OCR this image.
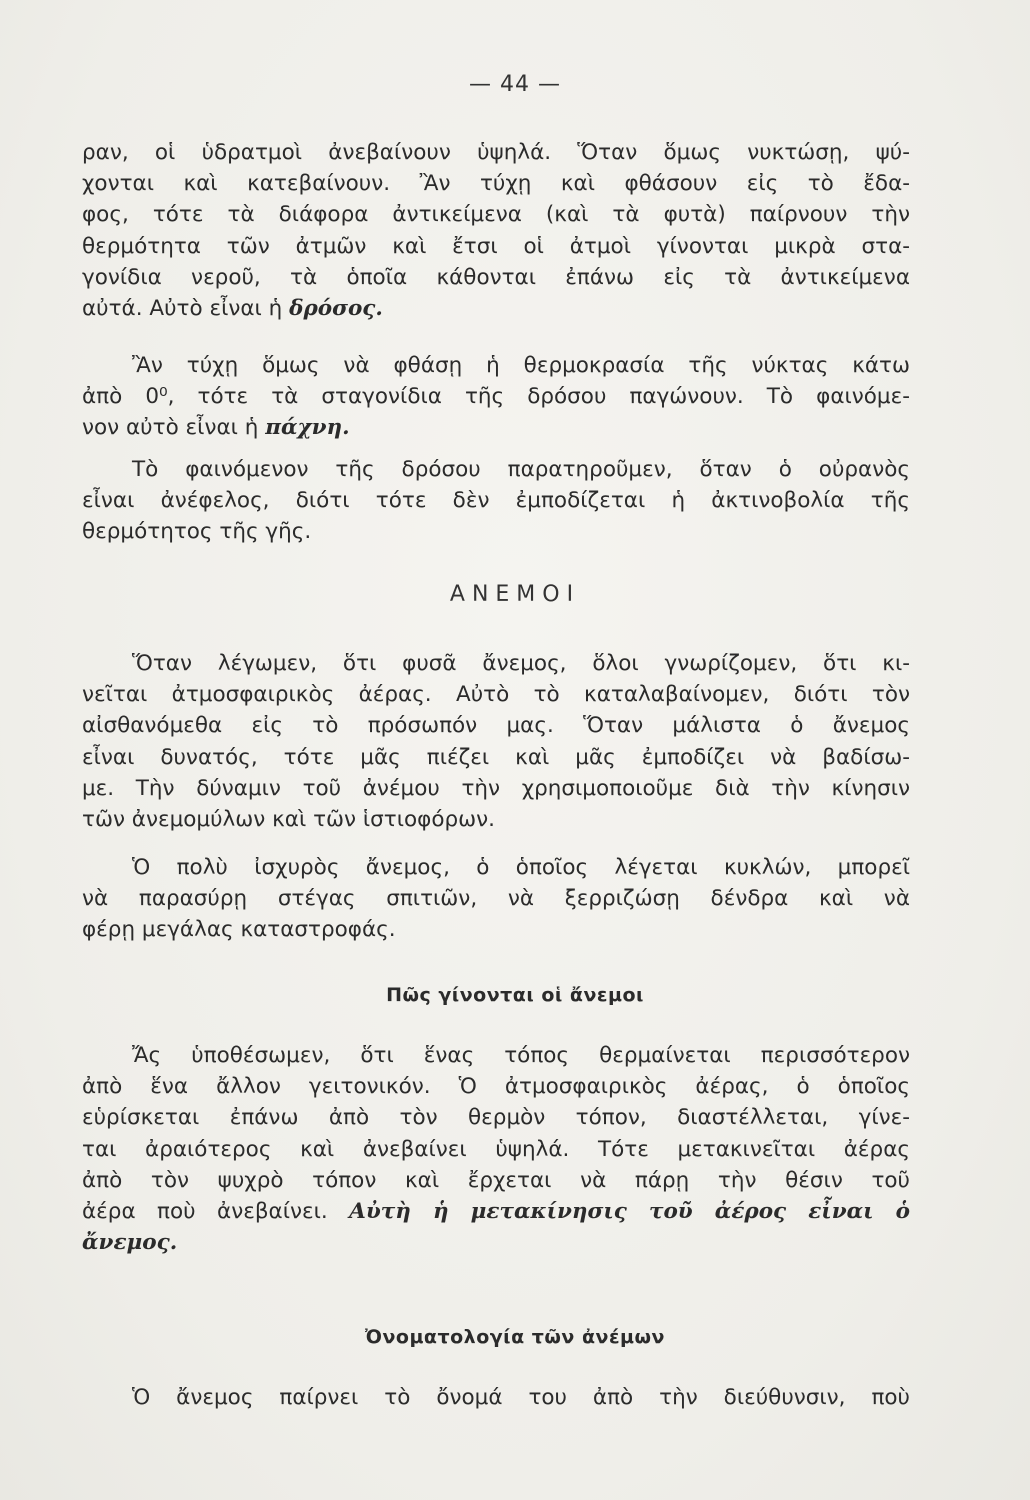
— 44 —
ραν, οἱ ὑδρατμοὶ ἀνεβαίνουν ὑψηλά. Ὅταν ὅμως νυκτώσῃ, ψύ-
χονται καὶ κατεβαίνουν. Ἂν τύχῃ καὶ φθάσουν εἰς τὸ ἔδα-
φος, τότε τὰ διάφορα ἀντικείμενα (καὶ τὰ φυτὰ) παίρνουν τὴν
θερμότητα τῶν ἀτμῶν καὶ ἔτσι οἱ ἀτμοὶ γίνονται μικρὰ στα-
γονίδια νεροῦ, τὰ ὁποῖα κάθονται ἐπάνω εἰς τὰ ἀντικείμενα
αὐτά. Αὐτὸ εἶναι ἡ δρόσος.
Ἂν τύχῃ ὅμως νὰ φθάσῃ ἡ θερμοκρασία τῆς νύκτας κάτω
ἀπὸ 0⁰, τότε τὰ σταγονίδια τῆς δρόσου παγώνουν. Τὸ φαινόμε-
νον αὐτὸ εἶναι ἡ πάχνη.
Τὸ φαινόμενον τῆς δρόσου παρατηροῦμεν, ὅταν ὁ οὐρανὸς
εἶναι ἀνέφελος, διότι τότε δὲν ἐμποδίζεται ἡ ἀκτινοβολία τῆς
θερμότητος τῆς γῆς.
ΑΝΕΜΟΙ
Ὅταν λέγωμεν, ὅτι φυσᾶ ἄνεμος, ὅλοι γνωρίζομεν, ὅτι κι-
νεῖται ἀτμοσφαιρικὸς ἀέρας. Αὐτὸ τὸ καταλαβαίνομεν, διότι τὸν
αἰσθανόμεθα εἰς τὸ πρόσωπόν μας. Ὅταν μάλιστα ὁ ἄνεμος
εἶναι δυνατός, τότε μᾶς πιέζει καὶ μᾶς ἐμποδίζει νὰ βαδίσω-
με. Τὴν δύναμιν τοῦ ἀνέμου τὴν χρησιμοποιοῦμε διὰ τὴν κίνησιν
τῶν ἀνεμομύλων καὶ τῶν ἱστιοφόρων.
Ὁ πολὺ ἰσχυρὸς ἄνεμος, ὁ ὁποῖος λέγεται κυκλών, μπορεῖ
νὰ παρασύρῃ στέγας σπιτιῶν, νὰ ξερριζώσῃ δένδρα καὶ νὰ
φέρῃ μεγάλας καταστροφάς.
Πῶς γίνονται οἱ ἄνεμοι
Ἄς ὑποθέσωμεν, ὅτι ἕνας τόπος θερμαίνεται περισσότερον
ἀπὸ ἕνα ἄλλον γειτονικόν. Ὁ ἀτμοσφαιρικὸς ἀέρας, ὁ ὁποῖος
εὑρίσκεται ἐπάνω ἀπὸ τὸν θερμὸν τόπον, διαστέλλεται, γίνε-
ται ἀραιότερος καὶ ἀνεβαίνει ὑψηλά. Τότε μετακινεῖται ἀέρας
ἀπὸ τὸν ψυχρὸ τόπον καὶ ἔρχεται νὰ πάρῃ τὴν θέσιν τοῦ
ἀέρα ποὺ ἀνεβαίνει. Αὐτὴ ἡ μετακίνησις τοῦ ἀέρος εἶναι ὁ
ἄνεμος.
Ὀνοματολογία τῶν ἀνέμων
Ὁ ἄνεμος παίρνει τὸ ὄνομά του ἀπὸ τὴν διεύθυνσιν, ποὺ
